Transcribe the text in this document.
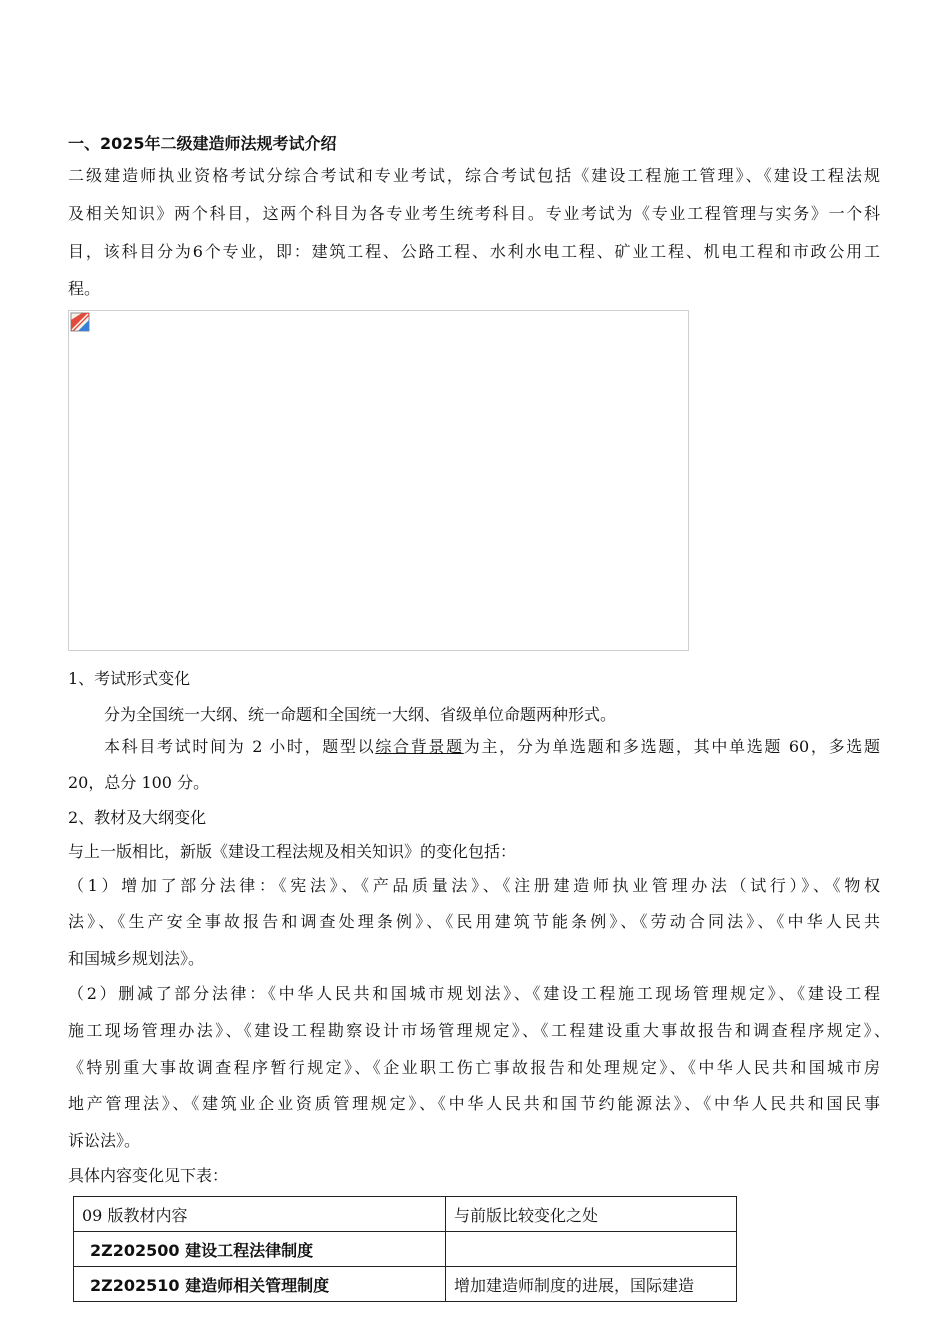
一、2025年二级建造师法规考试介绍
二级建造师执业资格考试分综合考试和专业考试，综合考试包括《建设工程施工管理》、《建设工程法规
及相关知识》两个科目，这两个科目为各专业考生统考科目。专业考试为《专业工程管理与实务》一个科
目，该科目分为6个专业，即：建筑工程、公路工程、水利水电工程、矿业工程、机电工程和市政公用工
程。
1、考试形式变化
分为全国统一大纲、统一命题和全国统一大纲、省级单位命题两种形式。
本科目考试时间为 2 小时，题型以综合背景题为主，分为单选题和多选题，其中单选题 60，多选题
20，总分 100 分。
2、教材及大纲变化
与上一版相比，新版《建设工程法规及相关知识》的变化包括：
（1）增加了部分法律：《宪法》、《产品质量法》、《注册建造师执业管理办法（试行）》、《物权
法》、《生产安全事故报告和调查处理条例》、《民用建筑节能条例》、《劳动合同法》、《中华人民共
和国城乡规划法》。
（2）删减了部分法律：《中华人民共和国城市规划法》、《建设工程施工现场管理规定》、《建设工程
施工现场管理办法》、《建设工程勘察设计市场管理规定》、《工程建设重大事故报告和调查程序规定》、
《特别重大事故调查程序暂行规定》、《企业职工伤亡事故报告和处理规定》、《中华人民共和国城市房
地产管理法》、《建筑业企业资质管理规定》、《中华人民共和国节约能源法》、《中华人民共和国民事
诉讼法》。
具体内容变化见下表：
09 版教材内容	与前版比较变化之处
2Z202500 建设工程法律制度	
2Z202510 建造师相关管理制度	增加建造师制度的进展，国际建造
